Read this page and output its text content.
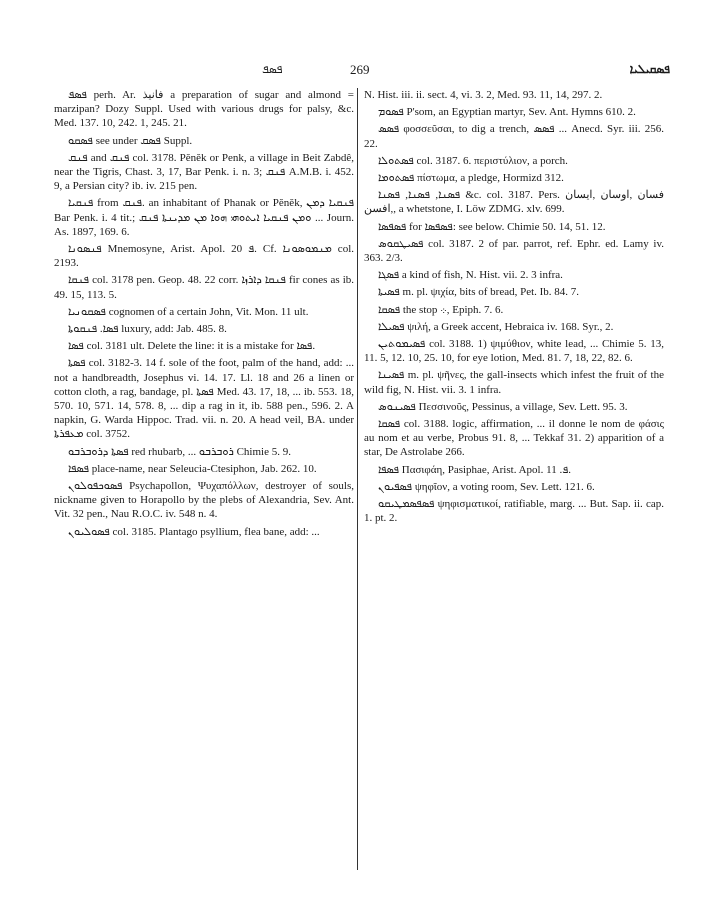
ܦܣܦ	269	ܦܣܩܝܠܝܐ

ܦܣܦ perh. Ar. فانيذ a preparation of sugar and almond = marzipan? Dozy Suppl. Used with various drugs for palsy, &c. Med. 137. 10, 242. 1, 245. 21.

ܦܣܩܘ see under ܦܣܩ Suppl.

ܦܢܩ and ܦܢܩ col. 3178. Pĕnĕk or Penk, a village in Beit Zabdê, near the Tigris, Chast. 3, 17, Bar Penk. i. n. 3; ܦܢܩ A.M.B. i. 452. 9, a Persian city? ib. iv. 215 pen.

ܦܢܩܝܐ from ܦܢܩ. an inhabitant of Phanak or Pĕnĕk, ܦܢܩܝܐ ܕܡܢ Bar Penk. i. 4 tit.; ܘܡܢ ܦܢܩܝܐ ܐܝܬܘܗܝ ܗܘܐ ܡܢ ܡܕܝܢܬܐ ܦܢܩ ... Journ. As. 1897, 169. 6.

ܦܢܣܘܢܐ Mnemosyne, Arist. Apol. ܦ 20. Cf. ܡܢܡܘܣܘܢܐ col. 2193.

ܦܢܩܐ col. 3178 pen. Geop. 48. 22 corr. ܦܢܩܐ ܕܐܪܙܐ fir cones as ib. 49. 15, 113. 5.

ܦܣܩܘܢܝܐ cognomen of a certain John, Vit. Mon. 11 ult.

ܦܣܐ. ܦܢܩܘܬܐ luxury, add: Jab. 485. 8.

ܦܣܐ col. 3181 ult. Delete the line: it is a mistake for ܦܣܐ.

ܦܣܬܐ col. 3182-3. 14 f. sole of the foot, palm of the hand, add: ... not a handbreadth, Josephus vi. 14. 17. Ll. 18 and 26 a linen or cotton cloth, a rag, bandage, pl. ܦܣܬܐ Med. 43. 17, 18, ... ib. 553. 18, 570. 10, 571. 14, 578. 8, ... dip a rag in it, ib. 588 pen., 596. 2. A napkin, G. Warda Hippoc. Trad. vii. n. 20. A head veil, BA. under ܡܥܦܪܬܐ col. 3752.

ܦܣܬܐ ܕܪܘܒܪܒܘ red rhubarb, ... ܪܘܒܪܒܘ Chimie 5. 9.

ܦܣܦܐ place-name, near Seleucia-Ctesiphon, Jab. 262. 10.

ܦܣܘܟܦܘܠܘܢ Psychapollon, Ψυχαπόλλων, destroyer of souls, nickname given to Horapollo by the plebs of Alexandria, Sev. Ant. Vit. 32 pen., Nau R.O.C. iv. 548 n. 4.

ܦܣܘܠܝܘܢ col. 3185. Plantago psyllium, flea bane, add: ...

N. Hist. iii. ii. sect. 4, vi. 3. 2, Med. 93. 11, 14, 297. 2.

ܦܣܘܡ P'som, an Egyptian martyr, Sev. Ant. Hymns 610. 2.

ܦܣܣ φοσσεῦσαι, to dig a trench, ܦܣܣ ... Anecd. Syr. iii. 256. 22.

ܦܣܬܘܠܐ col. 3187. 6. περιστύλιον, a porch.

ܦܣܬܘܡܐ πίστωμα, a pledge, Hormizd 312.

ܦܣܢܐ, ܦܣܢܐ, ܦܣܢܐ &c. col. 3187. Pers. فسان ,اوسان ,ايسان ,افسن, a whetstone, I. Löw ZDMG. xlv. 699.

ܦܣܦܣܐ for ܦܣܦܣܐ: see below. Chimie 50. 14, 51. 12.

ܦܣܝܛܩܘܣ col. 3187. 2 of par. parrot, ref. Ephr. ed. Lamy iv. 363. 2/3.

ܦܣܓܐ a kind of fish, N. Hist. vii. 2. 3 infra.

ܦܣܝܬܐ m. pl. ψιχία, bits of bread, Pet. Ib. 84. 7.

ܦܣܩܐ the stop ܀, Epiph. 7. 6.

ܦܣܝܠܐ ψιλή, a Greek accent, Hebraica iv. 168. Syr., 2.

ܦܣܝܡܘܬܝܢ col. 3188. 1) ψιμύθιον, white lead, ... Chimie 5. 13, 11. 5, 12. 10, 25. 10, for eye lotion, Med. 81. 7, 18, 22, 82. 6.

ܦܣܝܢܐ m. pl. ψῆνες, the gall-insects which infest the fruit of the wild fig, N. Hist. vii. 3. 1 infra.

ܦܣܝܢܘܣ Πεσσινοῦς, Pessinus, a village, Sev. Lett. 95. 3.

ܦܣܩܐ col. 3188. logic, affirmation, ... il donne le nom de φάσις au nom et au verbe, Probus 91. 8, ... Tekkaf 31. 2) apparition of a star, De Astrolabe 266.

ܦܣܦܐ Πασιφάη, Pasiphae, Arist. Apol. ܦ. 11.

ܦܣܦܝܘܢ ψηφῖον, a voting room, Sev. Lett. 121. 6.

ܦܣܦܣܡܛܝܩܘ ψηφισματικοί, ratifiable, marg. ... But. Sap. ii. cap. 1. pt. 2.
